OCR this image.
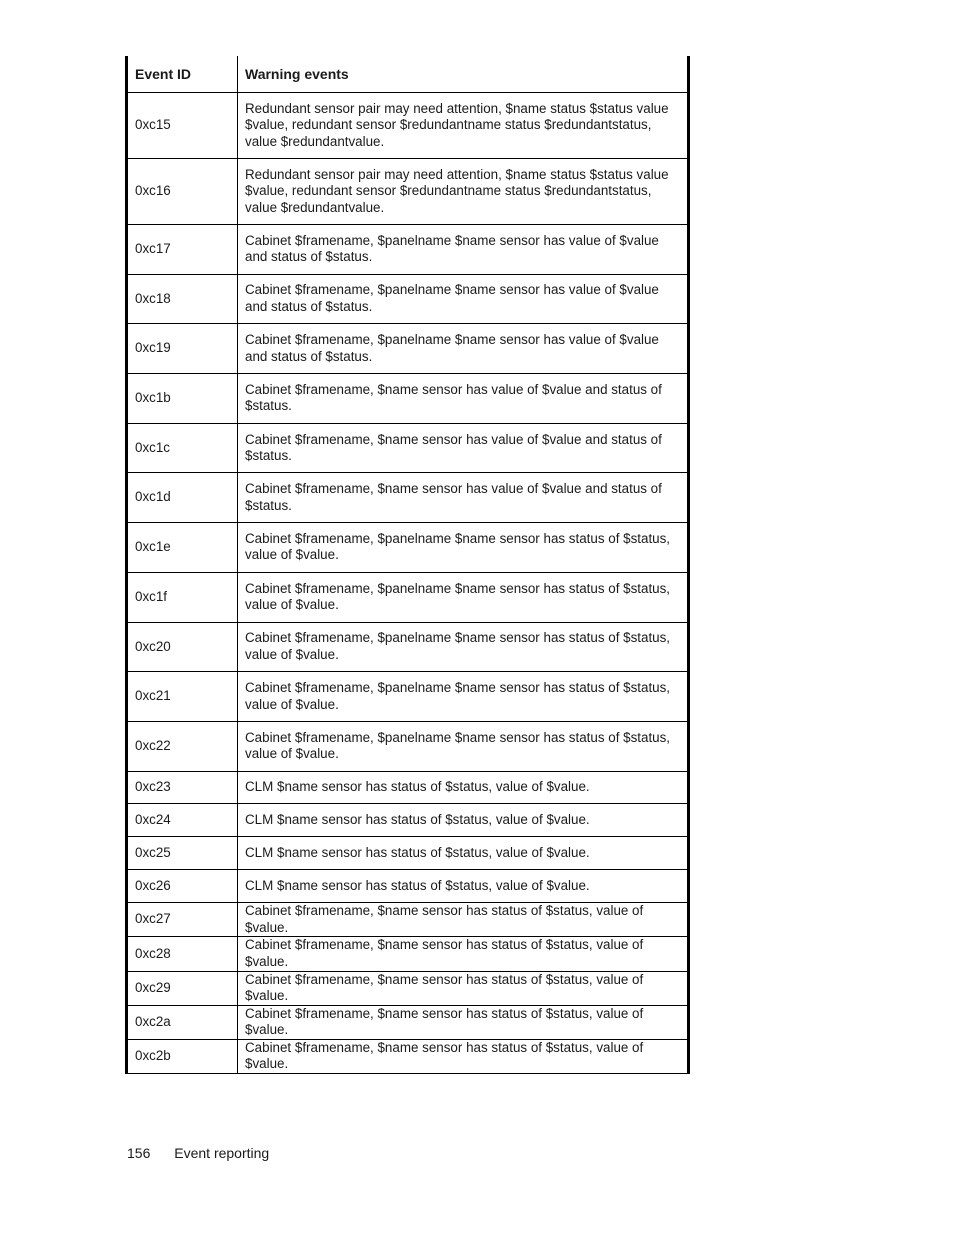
Event ID	Warning events
0xc15	Redundant sensor pair may need attention, $name status $status value $value, redundant sensor $redundantname status $redundantstatus, value $redundantvalue.
0xc16	Redundant sensor pair may need attention, $name status $status value $value, redundant sensor $redundantname status $redundantstatus, value $redundantvalue.
0xc17	Cabinet $framename, $panelname $name sensor has value of $value and status of $status.
0xc18	Cabinet $framename, $panelname $name sensor has value of $value and status of $status.
0xc19	Cabinet $framename, $panelname $name sensor has value of $value and status of $status.
0xc1b	Cabinet $framename, $name sensor has value of $value and status of $status.
0xc1c	Cabinet $framename, $name sensor has value of $value and status of $status.
0xc1d	Cabinet $framename, $name sensor has value of $value and status of $status.
0xc1e	Cabinet $framename, $panelname $name sensor has status of $status, value of $value.
0xc1f	Cabinet $framename, $panelname $name sensor has status of $status, value of $value.
0xc20	Cabinet $framename, $panelname $name sensor has status of $status, value of $value.
0xc21	Cabinet $framename, $panelname $name sensor has status of $status, value of $value.
0xc22	Cabinet $framename, $panelname $name sensor has status of $status, value of $value.
0xc23	CLM $name sensor has status of $status, value of $value.
0xc24	CLM $name sensor has status of $status, value of $value.
0xc25	CLM $name sensor has status of $status, value of $value.
0xc26	CLM $name sensor has status of $status, value of $value.
0xc27	Cabinet $framename, $name sensor has status of $status, value of $value.
0xc28	Cabinet $framename, $name sensor has status of $status, value of $value.
0xc29	Cabinet $framename, $name sensor has status of $status, value of $value.
0xc2a	Cabinet $framename, $name sensor has status of $status, value of $value.
0xc2b	Cabinet $framename, $name sensor has status of $status, value of $value.
156 Event reporting
